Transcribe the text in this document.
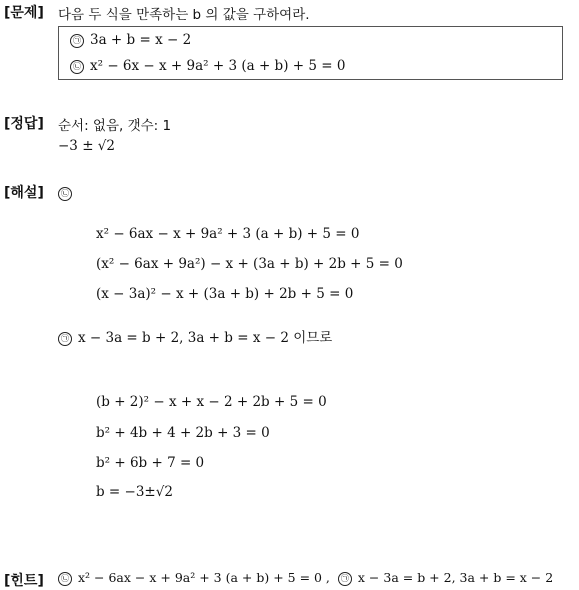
[문제] 다음 두 식을 만족하는 b 의 값을 구하여라.
㉠ 3a + b = x − 2
㉡ x² − 6x − x + 9a² + 3 (a + b) + 5 = 0
[정답] 순서: 없음, 갯수: 1
−3 ± √2
[해설]	㉡
x² − 6ax − x + 9a² + 3 (a + b) + 5 = 0
(x² − 6ax + 9a²) − x + (3a + b) + 2b + 5 = 0
(x − 3a)² − x + (3a + b) + 2b + 5 = 0
㉠ x − 3a = b + 2, 3a + b = x − 2 이므로
(b + 2)² − x + x − 2 + 2b + 5 = 0
b² + 4b + 4 + 2b + 3 = 0
b² + 6b + 7 = 0
b = −3±√2
[힌트]	㉡ x² − 6ax − x + 9a² + 3 (a + b) + 5 = 0 , ㉠ x − 3a = b + 2, 3a + b = x − 2
